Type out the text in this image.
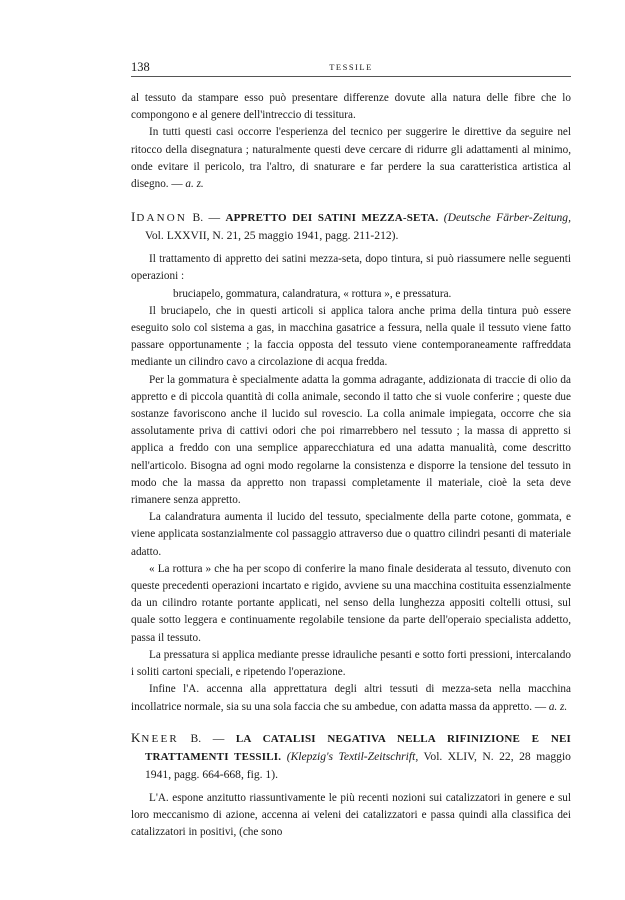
138	TESSILE

al tessuto da stampare esso può presentare differenze dovute alla natura delle fibre che lo compongono e al genere dell'intreccio di tessitura.

In tutti questi casi occorre l'esperienza del tecnico per suggerire le direttive da seguire nel ritocco della disegnatura ; naturalmente questi deve cercare di ridurre gli adattamenti al minimo, onde evitare il pericolo, tra l'altro, di snaturare e far perdere la sua caratteristica artistica al disegno. — a. z.

IDANON B. — APPRETTO DEI SATINI MEZZA-SETA. (Deutsche Färber-Zeitung, Vol. LXXVII, N. 21, 25 maggio 1941, pagg. 211-212).

Il trattamento di appretto dei satini mezza-seta, dopo tintura, si può riassumere nelle seguenti operazioni :

bruciapelo, gommatura, calandratura, « rottura », e pressatura.

Il bruciapelo, che in questi articoli si applica talora anche prima della tintura può essere eseguito solo col sistema a gas, in macchina gasatrice a fessura, nella quale il tessuto viene fatto passare opportunamente ; la faccia opposta del tessuto viene contemporaneamente raffreddata mediante un cilindro cavo a circolazione di acqua fredda.

Per la gommatura è specialmente adatta la gomma adragante, addizionata di traccie di olio da appretto e di piccola quantità di colla animale, secondo il tatto che si vuole conferire ; queste due sostanze favoriscono anche il lucido sul rovescio. La colla animale impiegata, occorre che sia assolutamente priva di cattivi odori che poi rimarrebbero nel tessuto ; la massa di appretto si applica a freddo con una semplice apparecchiatura ed una adatta manualità, come descritto nell'articolo. Bisogna ad ogni modo regolarne la consistenza e disporre la tensione del tessuto in modo che la massa da appretto non trapassi completamente il materiale, cioè la seta deve rimanere senza appretto.

La calandratura aumenta il lucido del tessuto, specialmente della parte cotone, gommata, e viene applicata sostanzialmente col passaggio attraverso due o quattro cilindri pesanti di materiale adatto.

« La rottura » che ha per scopo di conferire la mano finale desiderata al tessuto, divenuto con queste precedenti operazioni incartato e rigido, avviene su una macchina costituita essenzialmente da un cilindro rotante portante applicati, nel senso della lunghezza appositi coltelli ottusi, sul quale sotto leggera e continuamente regolabile tensione da parte dell'operaio specialista addetto, passa il tessuto.

La pressatura si applica mediante presse idrauliche pesanti e sotto forti pressioni, intercalando i soliti cartoni speciali, e ripetendo l'operazione.

Infine l'A. accenna alla apprettatura degli altri tessuti di mezza-seta nella macchina incollatrice normale, sia su una sola faccia che su ambedue, con adatta massa da appretto. — a. z.

KNEER B. — LA CATALISI NEGATIVA NELLA RIFINIZIONE E NEI TRATTAMENTI TESSILI. (Klepzig's Textil-Zeitschrift, Vol. XLIV, N. 22, 28 maggio 1941, pagg. 664-668, fig. 1).

L'A. espone anzitutto riassuntivamente le più recenti nozioni sui catalizzatori in genere e sul loro meccanismo di azione, accenna ai veleni dei catalizzatori e passa quindi alla classifica dei catalizzatori in positivi, (che sono
